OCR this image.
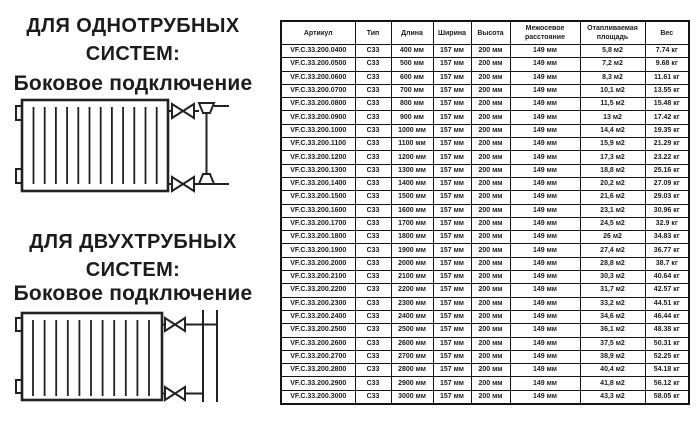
ДЛЯ ОДНОТРУБНЫХ
СИСТЕМ:
Боковое подключение
ДЛЯ ДВУХТРУБНЫХ
СИСТЕМ:
Боковое подключение
Артикул	Тип	Длина	Ширина	Высота	Межосевое расстояние	Отапливаемая площадь	Вес
VF.C.33.200.0400	C33	400 мм	157 мм	200 мм	149 мм	5,8 м2	7.74 кг
VF.C.33.200.0500	C33	500 мм	157 мм	200 мм	149 мм	7,2 м2	9.68 кг
VF.C.33.200.0600	C33	600 мм	157 мм	200 мм	149 мм	8,3 м2	11.61 кг
VF.C.33.200.0700	C33	700 мм	157 мм	200 мм	149 мм	10,1 м2	13.55 кг
VF.C.33.200.0800	C33	800 мм	157 мм	200 мм	149 мм	11,5 м2	15.48 кг
VF.C.33.200.0900	C33	900 мм	157 мм	200 мм	149 мм	13 м2	17.42 кг
VF.C.33.200.1000	C33	1000 мм	157 мм	200 мм	149 мм	14,4 м2	19.35 кг
VF.C.33.200.1100	C33	1100 мм	157 мм	200 мм	149 мм	15,9 м2	21.29 кг
VF.C.33.200.1200	C33	1200 мм	157 мм	200 мм	149 мм	17,3 м2	23.22 кг
VF.C.33.200.1300	C33	1300 мм	157 мм	200 мм	149 мм	18,8 м2	25.16 кг
VF.C.33.200.1400	C33	1400 мм	157 мм	200 мм	149 мм	20,2 м2	27.09 кг
VF.C.33.200.1500	C33	1500 мм	157 мм	200 мм	149 мм	21,6 м2	29.03 кг
VF.C.33.200.1600	C33	1600 мм	157 мм	200 мм	149 мм	23,1 м2	30.96 кг
VF.C.33.200.1700	C33	1700 мм	157 мм	200 мм	149 мм	24,5 м2	32.9 кг
VF.C.33.200.1800	C33	1800 мм	157 мм	200 мм	149 мм	26 м2	34.83 кг
VF.C.33.200.1900	C33	1900 мм	157 мм	200 мм	149 мм	27,4 м2	36.77 кг
VF.C.33.200.2000	C33	2000 мм	157 мм	200 мм	149 мм	28,8 м2	38.7 кг
VF.C.33.200.2100	C33	2100 мм	157 мм	200 мм	149 мм	30,3 м2	40.64 кг
VF.C.33.200.2200	C33	2200 мм	157 мм	200 мм	149 мм	31,7 м2	42.57 кг
VF.C.33.200.2300	C33	2300 мм	157 мм	200 мм	149 мм	33,2 м2	44.51 кг
VF.C.33.200.2400	C33	2400 мм	157 мм	200 мм	149 мм	34,6 м2	46.44 кг
VF.C.33.200.2500	C33	2500 мм	157 мм	200 мм	149 мм	36,1 м2	48.38 кг
VF.C.33.200.2600	C33	2600 мм	157 мм	200 мм	149 мм	37,5 м2	50.31 кг
VF.C.33.200.2700	C33	2700 мм	157 мм	200 мм	149 мм	38,9 м2	52.25 кг
VF.C.33.200.2800	C33	2800 мм	157 мм	200 мм	149 мм	40,4 м2	54.18 кг
VF.C.33.200.2900	C33	2900 мм	157 мм	200 мм	149 мм	41,8 м2	56.12 кг
VF.C.33.200.3000	C33	3000 мм	157 мм	200 мм	149 мм	43,3 м2	58.05 кг
